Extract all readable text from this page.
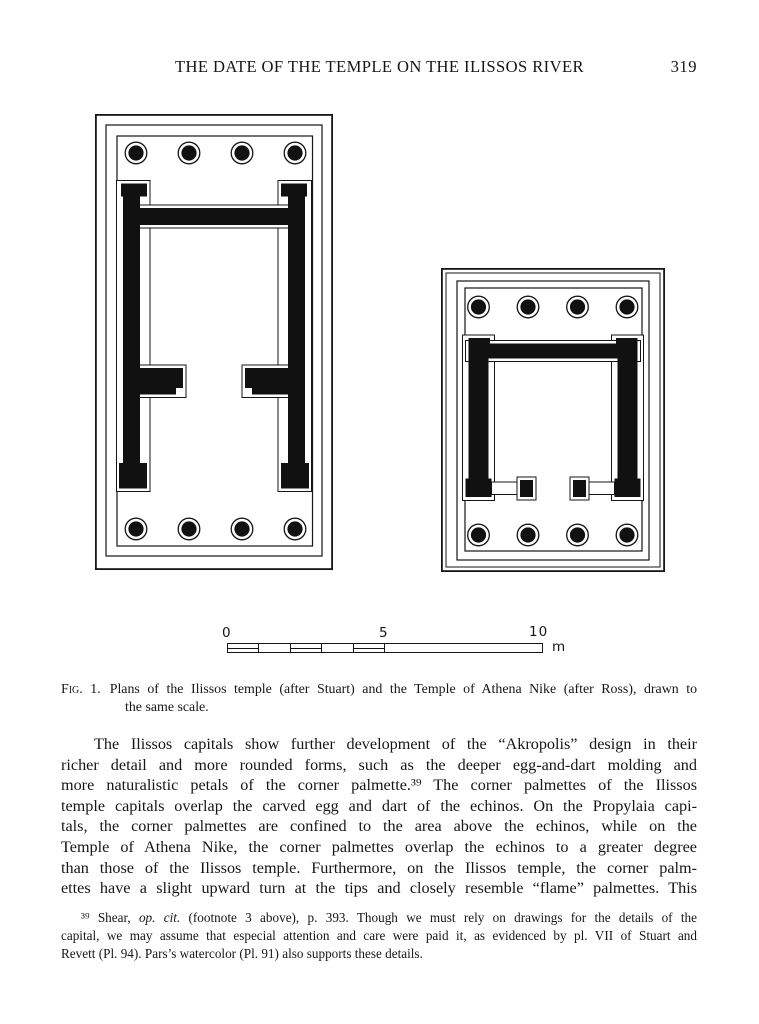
THE DATE OF THE TEMPLE ON THE ILISSOS RIVER	319
0	5	10
m
Fig. 1. Plans of the Ilissos temple (after Stuart) and the Temple of Athena Nike (after Ross), drawn to
the same scale.
The Ilissos capitals show further development of the “Akropolis” design in their
richer detail and more rounded forms, such as the deeper egg-and-dart molding and
more naturalistic petals of the corner palmette.³⁹ The corner palmettes of the Ilissos
temple capitals overlap the carved egg and dart of the echinos. On the Propylaia capi-
tals, the corner palmettes are confined to the area above the echinos, while on the
Temple of Athena Nike, the corner palmettes overlap the echinos to a greater degree
than those of the Ilissos temple. Furthermore, on the Ilissos temple, the corner palm-
ettes have a slight upward turn at the tips and closely resemble “flame” palmettes. This
³⁹ Shear, op. cit. (footnote 3 above), p. 393. Though we must rely on drawings for the details of the
capital, we may assume that especial attention and care were paid it, as evidenced by pl. VII of Stuart and
Revett (Pl. 94). Pars’s watercolor (Pl. 91) also supports these details.
